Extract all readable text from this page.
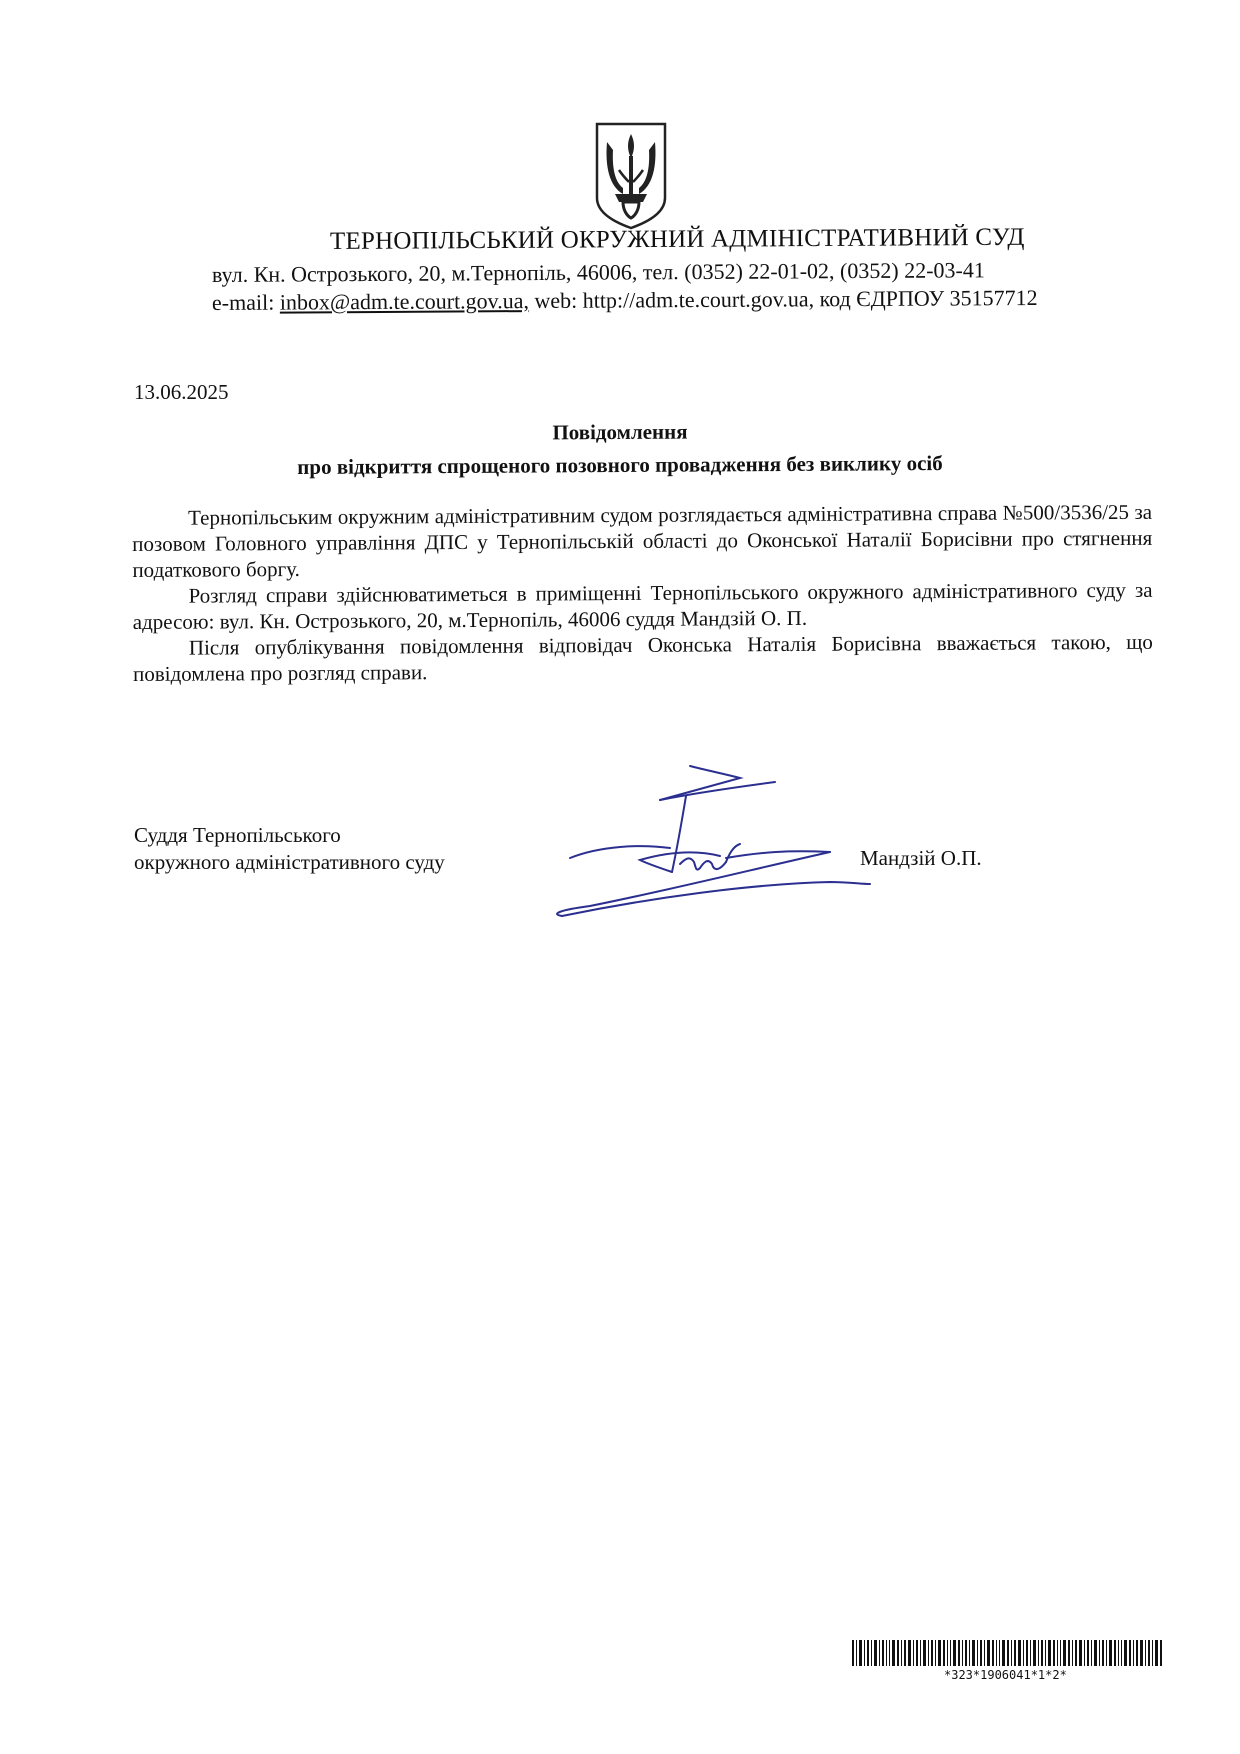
ТЕРНОПІЛЬСЬКИЙ ОКРУЖНИЙ АДМІНІСТРАТИВНИЙ СУД
вул. Кн. Острозького, 20, м.Тернопіль, 46006, тел. (0352) 22-01-02, (0352) 22-03-41
e-mail: inbox@adm.te.court.gov.ua, web: http://adm.te.court.gov.ua, код ЄДРПОУ 35157712
13.06.2025
Повідомлення
про відкриття спрощеного позовного провадження без виклику осіб

Тернопільським окружним адміністративним судом розглядається адміністративна справа №500/3536/25 за позовом Головного управління ДПС у Тернопільській області до Оконської Наталії Борисівни про стягнення податкового боргу.

Розгляд справи здійснюватиметься в приміщенні Тернопільського окружного адміністративного суду за адресою: вул. Кн. Острозького, 20, м.Тернопіль, 46006 суддя Мандзій О. П.

Після опублікування повідомлення відповідач Оконська Наталія Борисівна вважається такою, що повідомлена про розгляд справи.

Суддя Тернопільського
окружного адміністративного суду	Мандзій О.П.
*323*1906041*1*2*
